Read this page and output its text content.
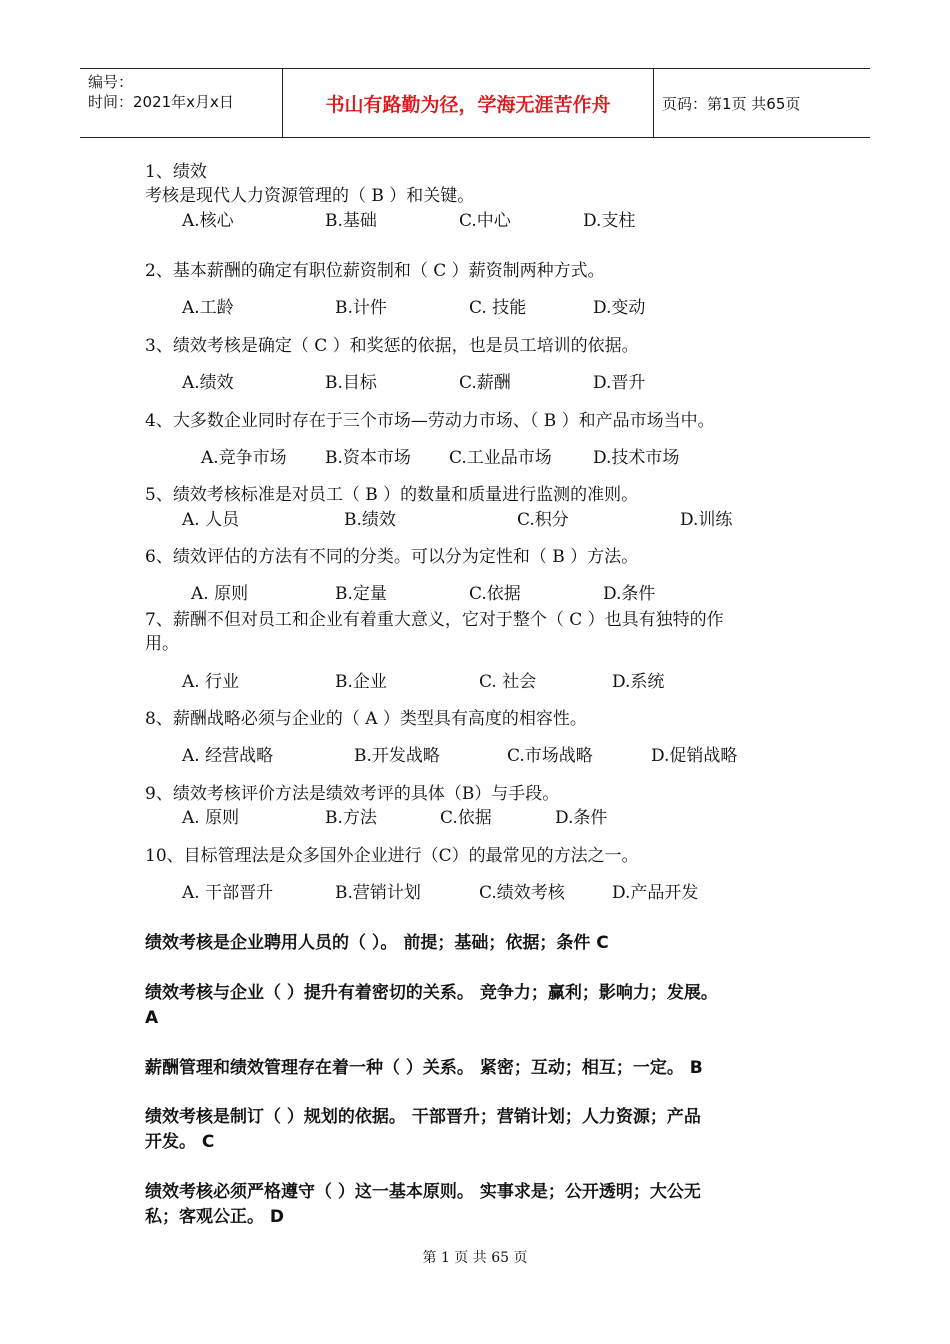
编号：
时间：2021年x月x日	书山有路勤为径，学海无涯苦作舟	页码：第1页 共65页
1、绩效
考核是现代人力资源管理的（ B ）和关键。
A.核心	B.基础	C.中心	D.支柱
2、基本薪酬的确定有职位薪资制和（ C ）薪资制两种方式。
A.工龄	B.计件	C. 技能	D.变动
3、绩效考核是确定（ C ）和奖惩的依据，也是员工培训的依据。
A.绩效	B.目标	C.薪酬	D.晋升
4、大多数企业同时存在于三个市场—劳动力市场、（ B ）和产品市场当中。
A.竞争市场 B.资本市场 C.工业品市场 D.技术市场
5、绩效考核标准是对员工（ B ）的数量和质量进行监测的准则。
A. 人员	B.绩效	C.积分	D.训练
6、绩效评估的方法有不同的分类。可以分为定性和（ B ）方法。
A. 原则	B.定量	C.依据	D.条件
7、薪酬不但对员工和企业有着重大意义，它对于整个（ C ）也具有独特的作
用。
A. 行业	B.企业	C. 社会	D.系统
8、薪酬战略必须与企业的（ A ）类型具有高度的相容性。
A. 经营战略	B.开发战略	C.市场战略	D.促销战略
9、绩效考核评价方法是绩效考评的具体（B）与手段。
A. 原则	B.方法	C.依据	D.条件
10、目标管理法是众多国外企业进行（C）的最常见的方法之一。
A. 干部晋升	B.营销计划	C.绩效考核	D.产品开发
绩效考核是企业聘用人员的（ ）。 前提；基础；依据；条件 C
绩效考核与企业（ ）提升有着密切的关系。 竞争力；赢利；影响力；发展。
A
薪酬管理和绩效管理存在着一种（ ）关系。 紧密；互动；相互；一定。 B
绩效考核是制订（ ）规划的依据。 干部晋升；营销计划；人力资源；产品
开发。 C
绩效考核必须严格遵守（ ）这一基本原则。 实事求是；公开透明；大公无
私；客观公正。 D
第 1 页 共 65 页
